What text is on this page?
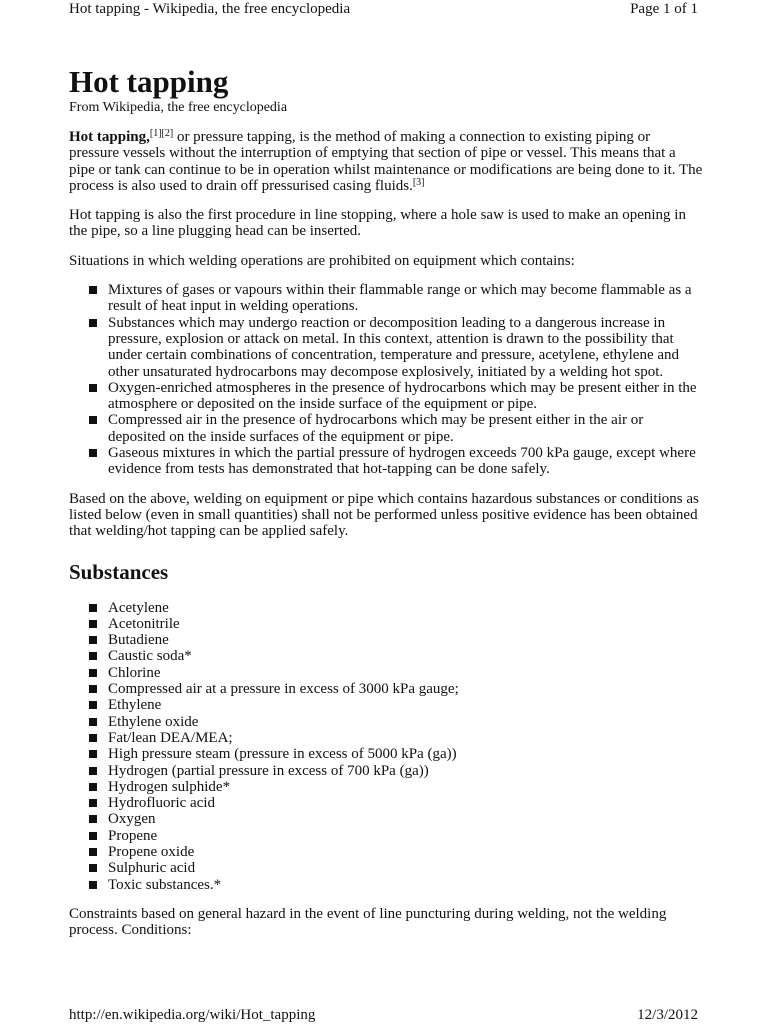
Hot tapping - Wikipedia, the free encyclopedia	Page 1 of 1
Hot tapping
From Wikipedia, the free encyclopedia

Hot tapping,[1][2] or pressure tapping, is the method of making a connection to existing piping or pressure vessels without the interruption of emptying that section of pipe or vessel. This means that a pipe or tank can continue to be in operation whilst maintenance or modifications are being done to it. The process is also used to drain off pressurised casing fluids.[3]

Hot tapping is also the first procedure in line stopping, where a hole saw is used to make an opening in the pipe, so a line plugging head can be inserted.

Situations in which welding operations are prohibited on equipment which contains:

Mixtures of gases or vapours within their flammable range or which may become flammable as a result of heat input in welding operations.
Substances which may undergo reaction or decomposition leading to a dangerous increase in pressure, explosion or attack on metal. In this context, attention is drawn to the possibility that under certain combinations of concentration, temperature and pressure, acetylene, ethylene and other unsaturated hydrocarbons may decompose explosively, initiated by a welding hot spot.
Oxygen-enriched atmospheres in the presence of hydrocarbons which may be present either in the atmosphere or deposited on the inside surface of the equipment or pipe.
Compressed air in the presence of hydrocarbons which may be present either in the air or deposited on the inside surfaces of the equipment or pipe.
Gaseous mixtures in which the partial pressure of hydrogen exceeds 700 kPa gauge, except where evidence from tests has demonstrated that hot-tapping can be done safely.

Based on the above, welding on equipment or pipe which contains hazardous substances or conditions as listed below (even in small quantities) shall not be performed unless positive evidence has been obtained that welding/hot tapping can be applied safely.

Substances
Acetylene
Acetonitrile
Butadiene
Caustic soda*
Chlorine
Compressed air at a pressure in excess of 3000 kPa gauge;
Ethylene
Ethylene oxide
Fat/lean DEA/MEA;
High pressure steam (pressure in excess of 5000 kPa (ga))
Hydrogen (partial pressure in excess of 700 kPa (ga))
Hydrogen sulphide*
Hydrofluoric acid
Oxygen
Propene
Propene oxide
Sulphuric acid
Toxic substances.*

Constraints based on general hazard in the event of line puncturing during welding, not the welding process. Conditions:

http://en.wikipedia.org/wiki/Hot_tapping	12/3/2012
